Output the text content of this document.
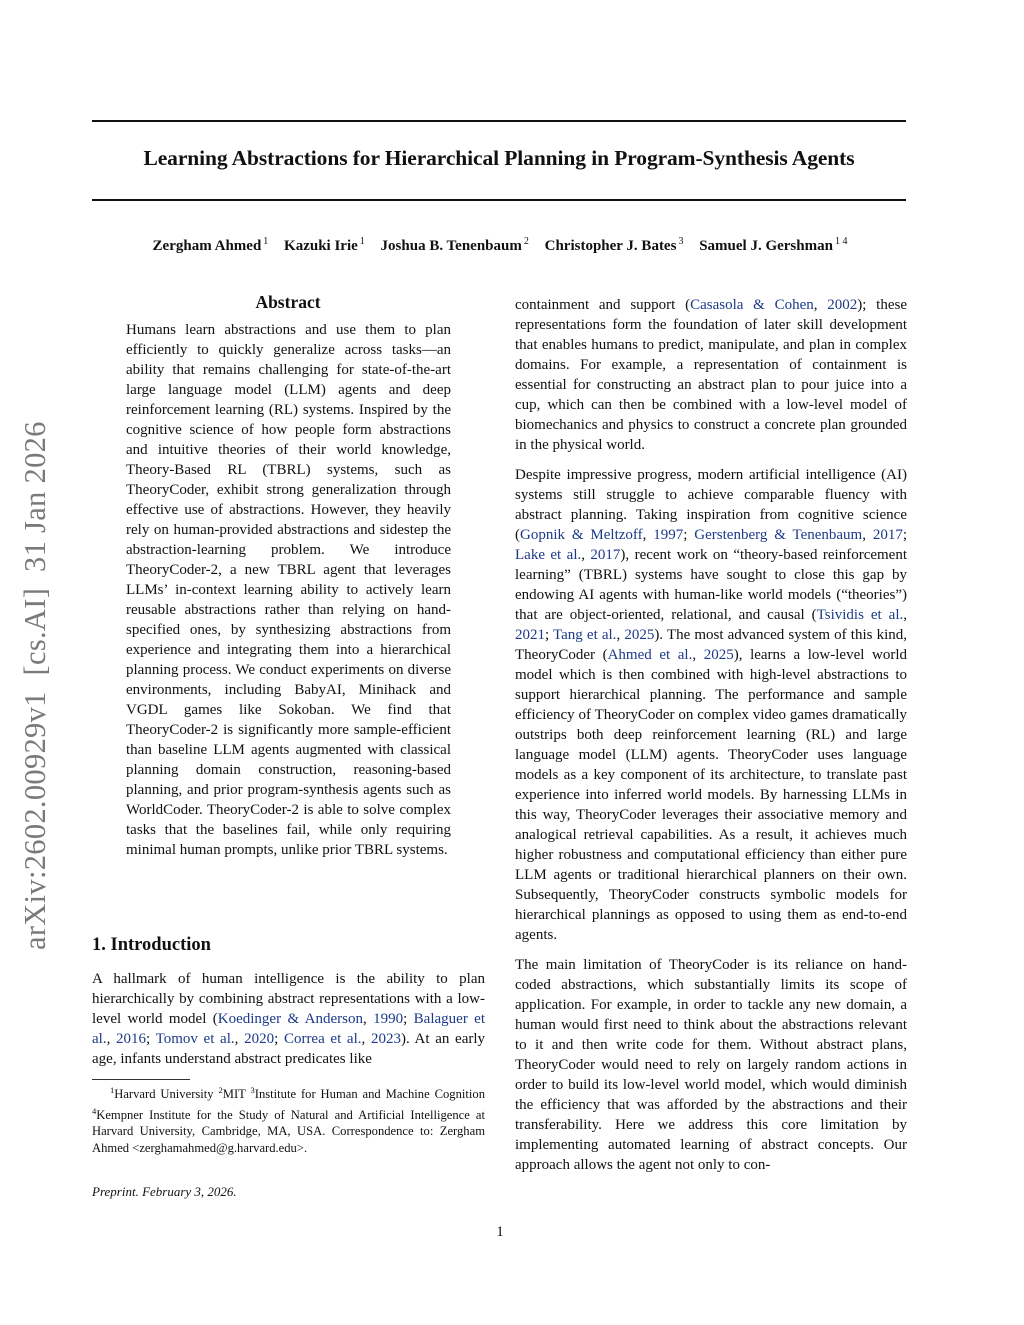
Learning Abstractions for Hierarchical Planning in Program-Synthesis Agents
Zergham Ahmed $^1$ Kazuki Irie $^1$ Joshua B. Tenenbaum $^2$ Christopher J. Bates $^3$ Samuel J. Gershman $^{1 4}$
arXiv:2602.00929v1  [cs.AI]  31 Jan 2026
Abstract
Humans learn abstractions and use them to plan efficiently to quickly generalize across tasks—an ability that remains challenging for state-of-the-art large language model (LLM) agents and deep reinforcement learning (RL) systems. Inspired by the cognitive science of how people form abstractions and intuitive theories of their world knowledge, Theory-Based RL (TBRL) systems, such as TheoryCoder, exhibit strong generalization through effective use of abstractions. However, they heavily rely on human-provided abstractions and sidestep the abstraction-learning problem. We introduce TheoryCoder-2, a new TBRL agent that leverages LLMs’ in-context learning ability to actively learn reusable abstractions rather than relying on hand-specified ones, by synthesizing abstractions from experience and integrating them into a hierarchical planning process. We conduct experiments on diverse environments, including BabyAI, Minihack and VGDL games like Sokoban. We find that TheoryCoder-2 is significantly more sample-efficient than baseline LLM agents augmented with classical planning domain construction, reasoning-based planning, and prior program-synthesis agents such as WorldCoder. TheoryCoder-2 is able to solve complex tasks that the baselines fail, while only requiring minimal human prompts, unlike prior TBRL systems.
1. Introduction
A hallmark of human intelligence is the ability to plan hierarchically by combining abstract representations with a low-level world model (Koedinger & Anderson, 1990; Balaguer et al., 2016; Tomov et al., 2020; Correa et al., 2023). At an early age, infants understand abstract predicates like
$^1$Harvard University $^2$MIT $^3$Institute for Human and Machine Cognition $^4$Kempner Institute for the Study of Natural and Artificial Intelligence at Harvard University, Cambridge, MA, USA. Correspondence to: Zergham Ahmed <zerghamahmed@g.harvard.edu>.
Preprint. February 3, 2026.

containment and support (Casasola & Cohen, 2002); these representations form the foundation of later skill development that enables humans to predict, manipulate, and plan in complex domains. For example, a representation of containment is essential for constructing an abstract plan to pour juice into a cup, which can then be combined with a low-level model of biomechanics and physics to construct a concrete plan grounded in the physical world.

Despite impressive progress, modern artificial intelligence (AI) systems still struggle to achieve comparable fluency with abstract planning. Taking inspiration from cognitive science (Gopnik & Meltzoff, 1997; Gerstenberg & Tenenbaum, 2017; Lake et al., 2017), recent work on “theory-based reinforcement learning” (TBRL) systems have sought to close this gap by endowing AI agents with human-like world models (“theories”) that are object-oriented, relational, and causal (Tsividis et al., 2021; Tang et al., 2025). The most advanced system of this kind, TheoryCoder (Ahmed et al., 2025), learns a low-level world model which is then combined with high-level abstractions to support hierarchical planning. The performance and sample efficiency of TheoryCoder on complex video games dramatically outstrips both deep reinforcement learning (RL) and large language model (LLM) agents. TheoryCoder uses language models as a key component of its architecture, to translate past experience into inferred world models. By harnessing LLMs in this way, TheoryCoder leverages their associative memory and analogical retrieval capabilities. As a result, it achieves much higher robustness and computational efficiency than either pure LLM agents or traditional hierarchical planners on their own. Subsequently, TheoryCoder constructs symbolic models for hierarchical plannings as opposed to using them as end-to-end agents.

The main limitation of TheoryCoder is its reliance on hand-coded abstractions, which substantially limits its scope of application. For example, in order to tackle any new domain, a human would first need to think about the abstractions relevant to it and then write code for them. Without abstract plans, TheoryCoder would need to rely on largely random actions in order to build its low-level world model, which would diminish the efficiency that was afforded by the abstractions and their transferability. Here we address this core limitation by implementing automated learning of abstract concepts. Our approach allows the agent not only to con-

1
